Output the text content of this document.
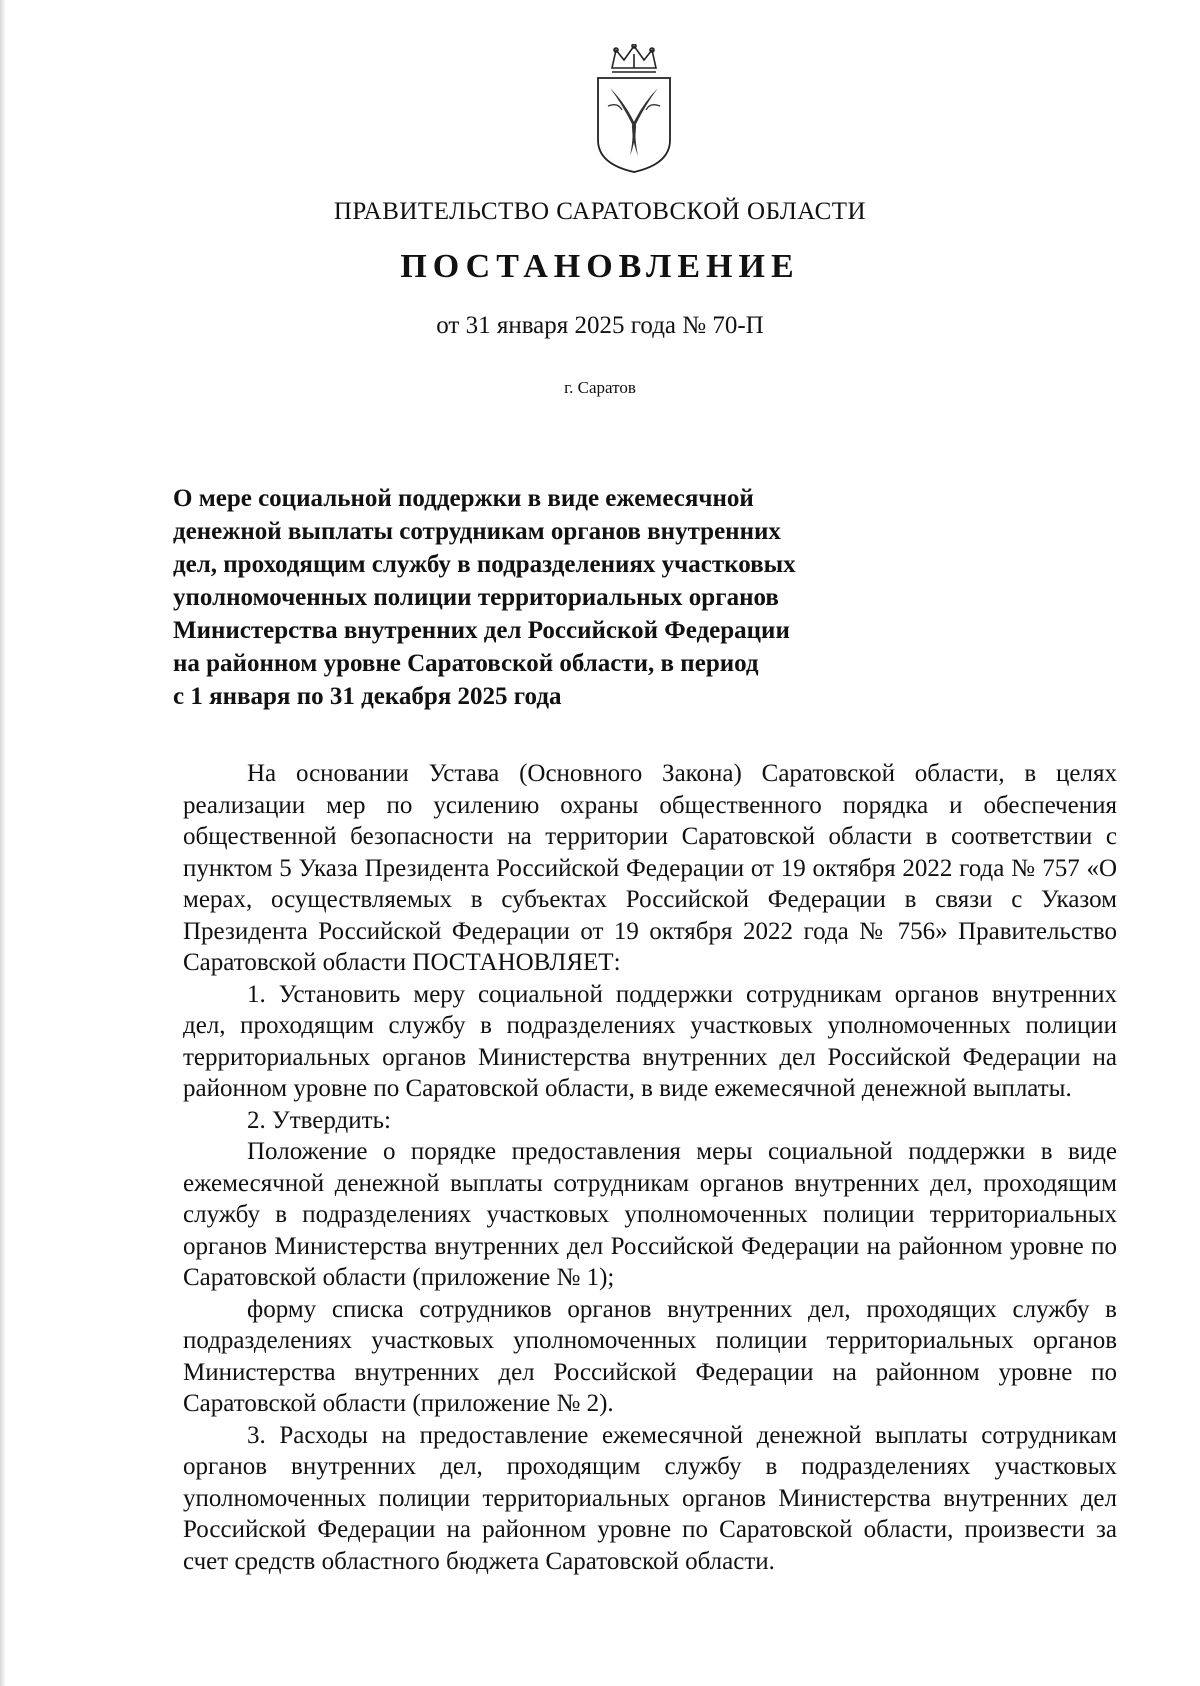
ПРАВИТЕЛЬСТВО САРАТОВСКОЙ ОБЛАСТИ
ПОСТАНОВЛЕНИЕ
от 31 января 2025 года № 70-П
г. Саратов
О мере социальной поддержки в виде ежемесячной
денежной выплаты сотрудникам органов внутренних
дел, проходящим службу в подразделениях участковых
уполномоченных полиции территориальных органов
Министерства внутренних дел Российской Федерации
на районном уровне Саратовской области, в период
с 1 января по 31 декабря 2025 года

На основании Устава (Основного Закона) Саратовской области, в целях реализации мер по усилению охраны общественного порядка и обеспечения общественной безопасности на территории Саратовской области в соответствии с пунктом 5 Указа Президента Российской Федерации от 19 октября 2022 года № 757 «О мерах, осуществляемых в субъектах Российской Федерации в связи с Указом Президента Российской Федерации от 19 октября 2022 года № 756» Правительство Саратовской области ПОСТАНОВЛЯЕТ:

1. Установить меру социальной поддержки сотрудникам органов внутренних дел, проходящим службу в подразделениях участковых уполномоченных полиции территориальных органов Министерства внутренних дел Российской Федерации на районном уровне по Саратовской области, в виде ежемесячной денежной выплаты.

2. Утвердить:

Положение о порядке предоставления меры социальной поддержки в виде ежемесячной денежной выплаты сотрудникам органов внутренних дел, проходящим службу в подразделениях участковых уполномоченных полиции территориальных органов Министерства внутренних дел Российской Федерации на районном уровне по Саратовской области (приложение № 1);

форму списка сотрудников органов внутренних дел, проходящих службу в подразделениях участковых уполномоченных полиции территориальных органов Министерства внутренних дел Российской Федерации на районном уровне по Саратовской области (приложение № 2).

3. Расходы на предоставление ежемесячной денежной выплаты сотрудникам органов внутренних дел, проходящим службу в подразделениях участковых уполномоченных полиции территориальных органов Министерства внутренних дел Российской Федерации на районном уровне по Саратовской области, произвести за счет средств областного бюджета Саратовской области.
